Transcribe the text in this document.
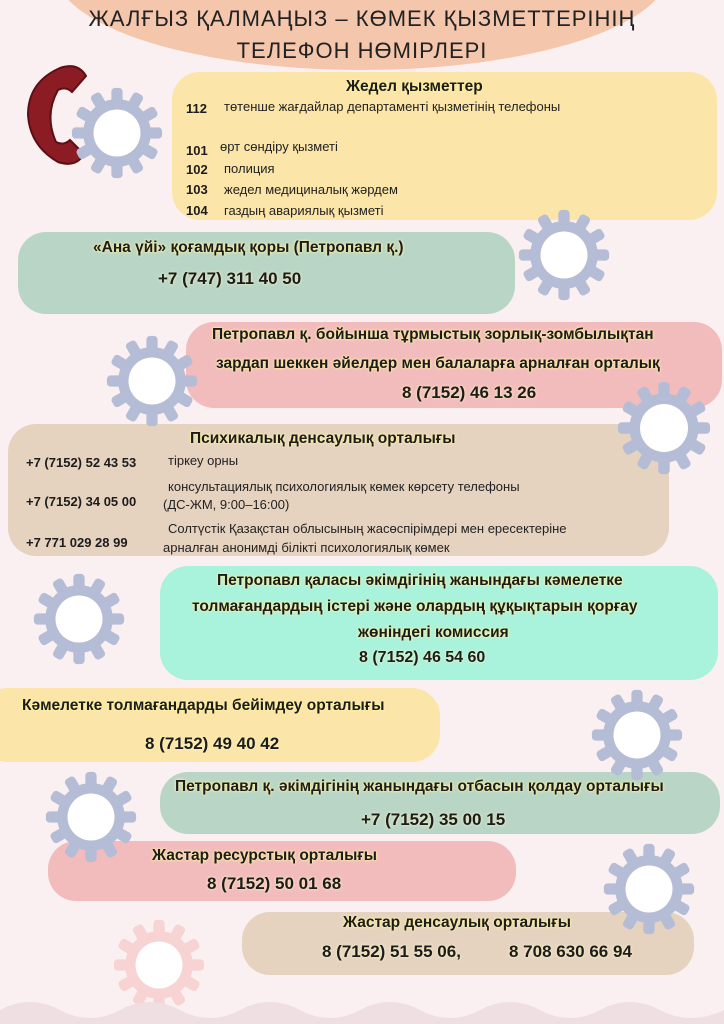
ЖАЛҒЫЗ ҚАЛМАҢЫЗ – КӨМЕК ҚЫЗМЕТТЕРІНІҢ
ТЕЛЕФОН НӨМІРЛЕРІ
Жедел қызметтер
112 төтенше жағдайлар департаменті қызметінің телефоны
101 өрт сөндіру қызметі
102 полиция
103 жедел медициналық жәрдем
104 газдың авариялық қызметі
«Ана үйі» қоғамдық қоры (Петропавл қ.)
+7 (747) 311 40 50
Петропавл қ. бойынша тұрмыстық зорлық-зомбылықтан
зардап шеккен әйелдер мен балаларға арналған орталық
8 (7152) 46 13 26
Психикалық денсаулық орталығы
+7 (7152) 52 43 53 тіркеу орны
+7 (7152) 34 05 00
консультациялық психологиялық көмек көрсету телефоны
(ДС-ЖМ, 9:00–16:00)
+7 771 029 28 99
Солтүстік Қазақстан облысының жасөспірімдері мен ересектеріне
арналған анонимді білікті психологиялық көмек
Петропавл қаласы әкімдігінің жанындағы кәмелетке
толмағандардың істері және олардың құқықтарын қорғау
жөніндегі комиссия
8 (7152) 46 54 60
Кәмелетке толмағандарды бейімдеу орталығы
8 (7152) 49 40 42
Петропавл қ. әкімдігінің жанындағы отбасын қолдау орталығы
+7 (7152) 35 00 15
Жастар ресурстық орталығы
8 (7152) 50 01 68
Жастар денсаулық орталығы
8 (7152) 51 55 06,	8 708 630 66 94
